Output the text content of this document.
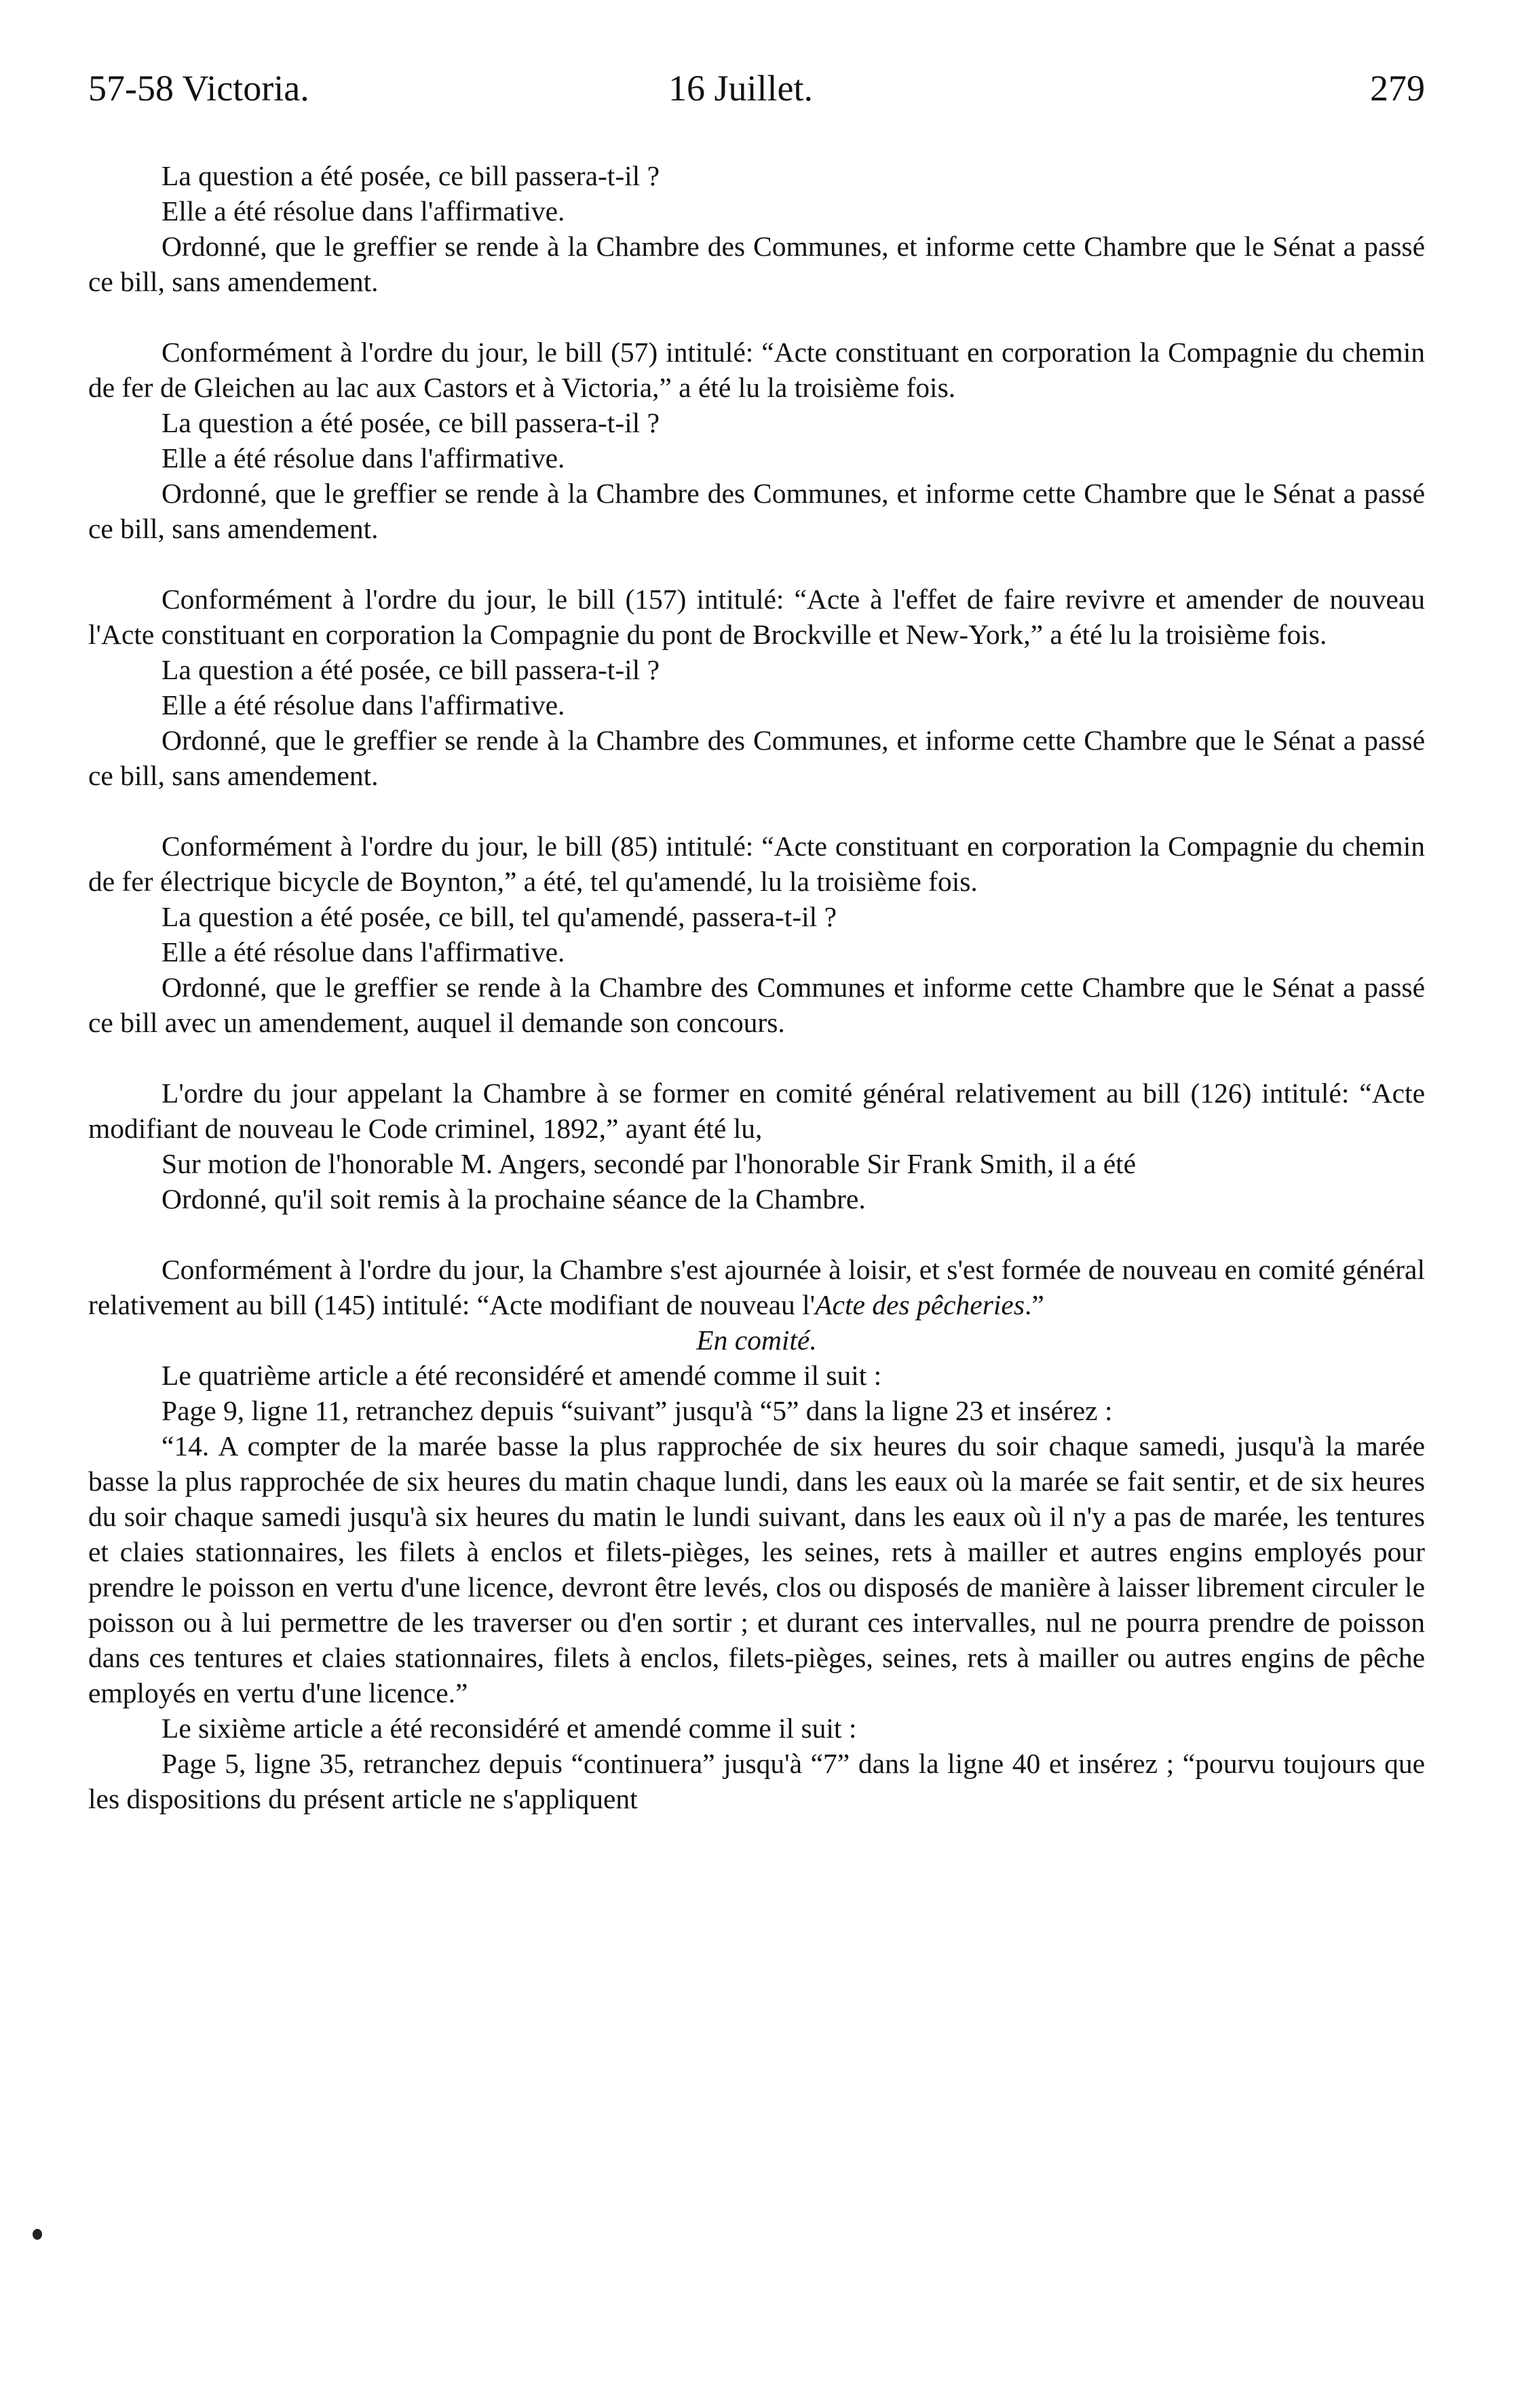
57-58 Victoria.	16 Juillet.	279

La question a été posée, ce bill passera-t-il ?

Elle a été résolue dans l'affirmative.

Ordonné, que le greffier se rende à la Chambre des Communes, et informe cette Chambre que le Sénat a passé ce bill, sans amendement.

Conformément à l'ordre du jour, le bill (57) intitulé: “Acte constituant en corporation la Compagnie du chemin de fer de Gleichen au lac aux Castors et à Victoria,” a été lu la troisième fois.

La question a été posée, ce bill passera-t-il ?

Elle a été résolue dans l'affirmative.

Ordonné, que le greffier se rende à la Chambre des Communes, et informe cette Chambre que le Sénat a passé ce bill, sans amendement.

Conformément à l'ordre du jour, le bill (157) intitulé: “Acte à l'effet de faire revivre et amender de nouveau l'Acte constituant en corporation la Compagnie du pont de Brockville et New-York,” a été lu la troisième fois.

La question a été posée, ce bill passera-t-il ?

Elle a été résolue dans l'affirmative.

Ordonné, que le greffier se rende à la Chambre des Communes, et informe cette Chambre que le Sénat a passé ce bill, sans amendement.

Conformément à l'ordre du jour, le bill (85) intitulé: “Acte constituant en corporation la Compagnie du chemin de fer électrique bicycle de Boynton,” a été, tel qu'amendé, lu la troisième fois.

La question a été posée, ce bill, tel qu'amendé, passera-t-il ?

Elle a été résolue dans l'affirmative.

Ordonné, que le greffier se rende à la Chambre des Communes et informe cette Chambre que le Sénat a passé ce bill avec un amendement, auquel il demande son concours.

L'ordre du jour appelant la Chambre à se former en comité général relativement au bill (126) intitulé: “Acte modifiant de nouveau le Code criminel, 1892,” ayant été lu,

Sur motion de l'honorable M. Angers, secondé par l'honorable Sir Frank Smith, il a été

Ordonné, qu'il soit remis à la prochaine séance de la Chambre.

Conformément à l'ordre du jour, la Chambre s'est ajournée à loisir, et s'est formée de nouveau en comité général relativement au bill (145) intitulé: “Acte modifiant de nouveau l'Acte des pêcheries.”

En comité.

Le quatrième article a été reconsidéré et amendé comme il suit :

Page 9, ligne 11, retranchez depuis “suivant” jusqu'à “5” dans la ligne 23 et insérez :

“14. A compter de la marée basse la plus rapprochée de six heures du soir chaque samedi, jusqu'à la marée basse la plus rapprochée de six heures du matin chaque lundi, dans les eaux où la marée se fait sentir, et de six heures du soir chaque samedi jusqu'à six heures du matin le lundi suivant, dans les eaux où il n'y a pas de marée, les tentures et claies stationnaires, les filets à enclos et filets-pièges, les seines, rets à mailler et autres engins employés pour prendre le poisson en vertu d'une licence, devront être levés, clos ou disposés de manière à laisser librement circuler le poisson ou à lui permettre de les traverser ou d'en sortir ; et durant ces intervalles, nul ne pourra prendre de poisson dans ces tentures et claies stationnaires, filets à enclos, filets-pièges, seines, rets à mailler ou autres engins de pêche employés en vertu d'une licence.”

Le sixième article a été reconsidéré et amendé comme il suit :

Page 5, ligne 35, retranchez depuis “continuera” jusqu'à “7” dans la ligne 40 et insérez ; “pourvu toujours que les dispositions du présent article ne s'appliquent
